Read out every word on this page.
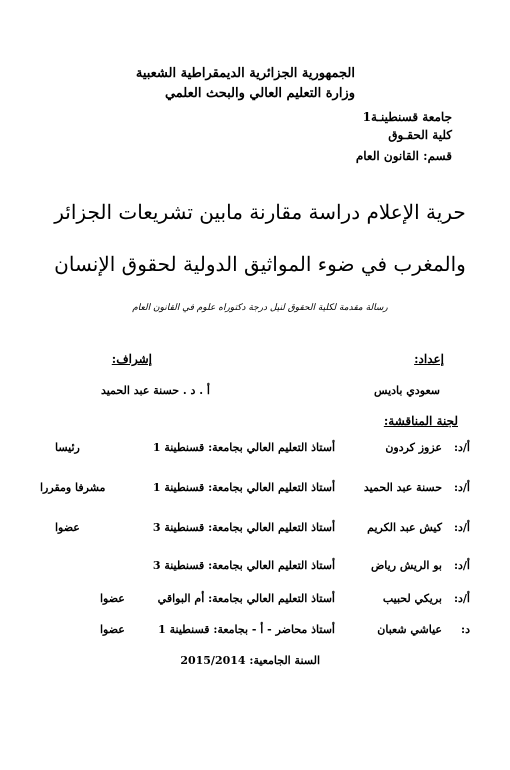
الجمهورية الجزائرية الديمقراطية الشعبية
وزارة التعليم العالي والبحث العلمي
جامعة قسنطينـة1
كلية الحقـوق
قسم: القانون العام
حرية الإعلام دراسة مقارنة مابين تشريعات الجزائر
والمغرب في ضوء المواثيق الدولية لحقوق الإنسان
رسالة مقدمة لكلية الحقوق لنيل درجة دكتوراه علوم في القانون العام
إعداد:
إشراف:
سعودي باديس
أ . د . حسنة عبد الحميد
لجنة المناقشة:
أ/د:
عزوز كردون
أستاذ التعليم العالي بجامعة: قسنطينة 1
رئيسا
أ/د:
حسنة عبد الحميد
أستاذ التعليم العالي بجامعة: قسنطينة 1
مشرفا ومقررا
أ/د:
كيش عبد الكريم
أستاذ التعليم العالي بجامعة: قسنطينة 3
عضوا
أ/د:
بو الريش رياض
أستاذ التعليم العالي بجامعة: قسنطينة 3
أ/د:
بريكي لحبيب
أستاذ التعليم العالي بجامعة: أم البواقي
عضوا
د:
عياشي شعبان
أستاذ محاضر - أ - بجامعة: قسنطينة 1
عضوا
السنة الجامعية: 2015/2014
